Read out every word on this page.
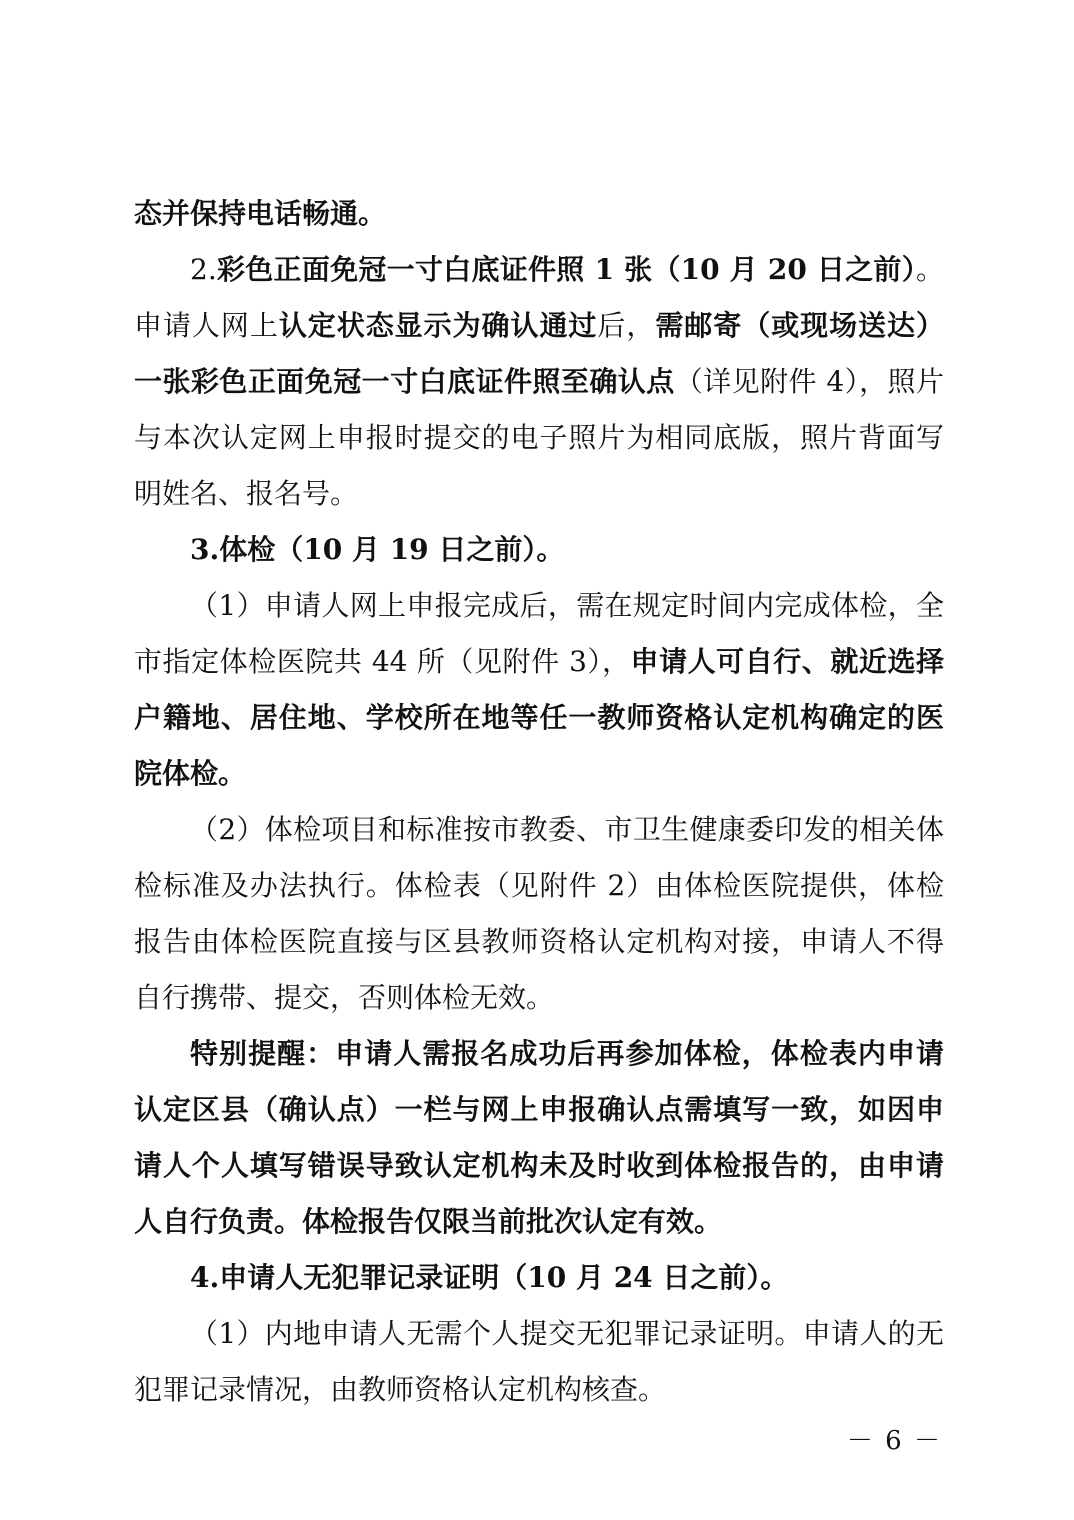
态并保持电话畅通。

2.彩色正面免冠一寸白底证件照 1 张（10 月 20 日之前）。申请人网上认定状态显示为确认通过后，需邮寄（或现场送达）一张彩色正面免冠一寸白底证件照至确认点（详见附件 4），照片与本次认定网上申报时提交的电子照片为相同底版，照片背面写明姓名、报名号。

3.体检（10 月 19 日之前）。

（1）申请人网上申报完成后，需在规定时间内完成体检，全市指定体检医院共 44 所（见附件 3），申请人可自行、就近选择户籍地、居住地、学校所在地等任一教师资格认定机构确定的医院体检。

（2）体检项目和标准按市教委、市卫生健康委印发的相关体检标准及办法执行。体检表（见附件 2）由体检医院提供，体检报告由体检医院直接与区县教师资格认定机构对接，申请人不得自行携带、提交，否则体检无效。

特别提醒：申请人需报名成功后再参加体检，体检表内申请认定区县（确认点）一栏与网上申报确认点需填写一致，如因申请人个人填写错误导致认定机构未及时收到体检报告的，由申请人自行负责。体检报告仅限当前批次认定有效。

4.申请人无犯罪记录证明（10 月 24 日之前）。

（1）内地申请人无需个人提交无犯罪记录证明。申请人的无犯罪记录情况，由教师资格认定机构核查。

－ 6 －
